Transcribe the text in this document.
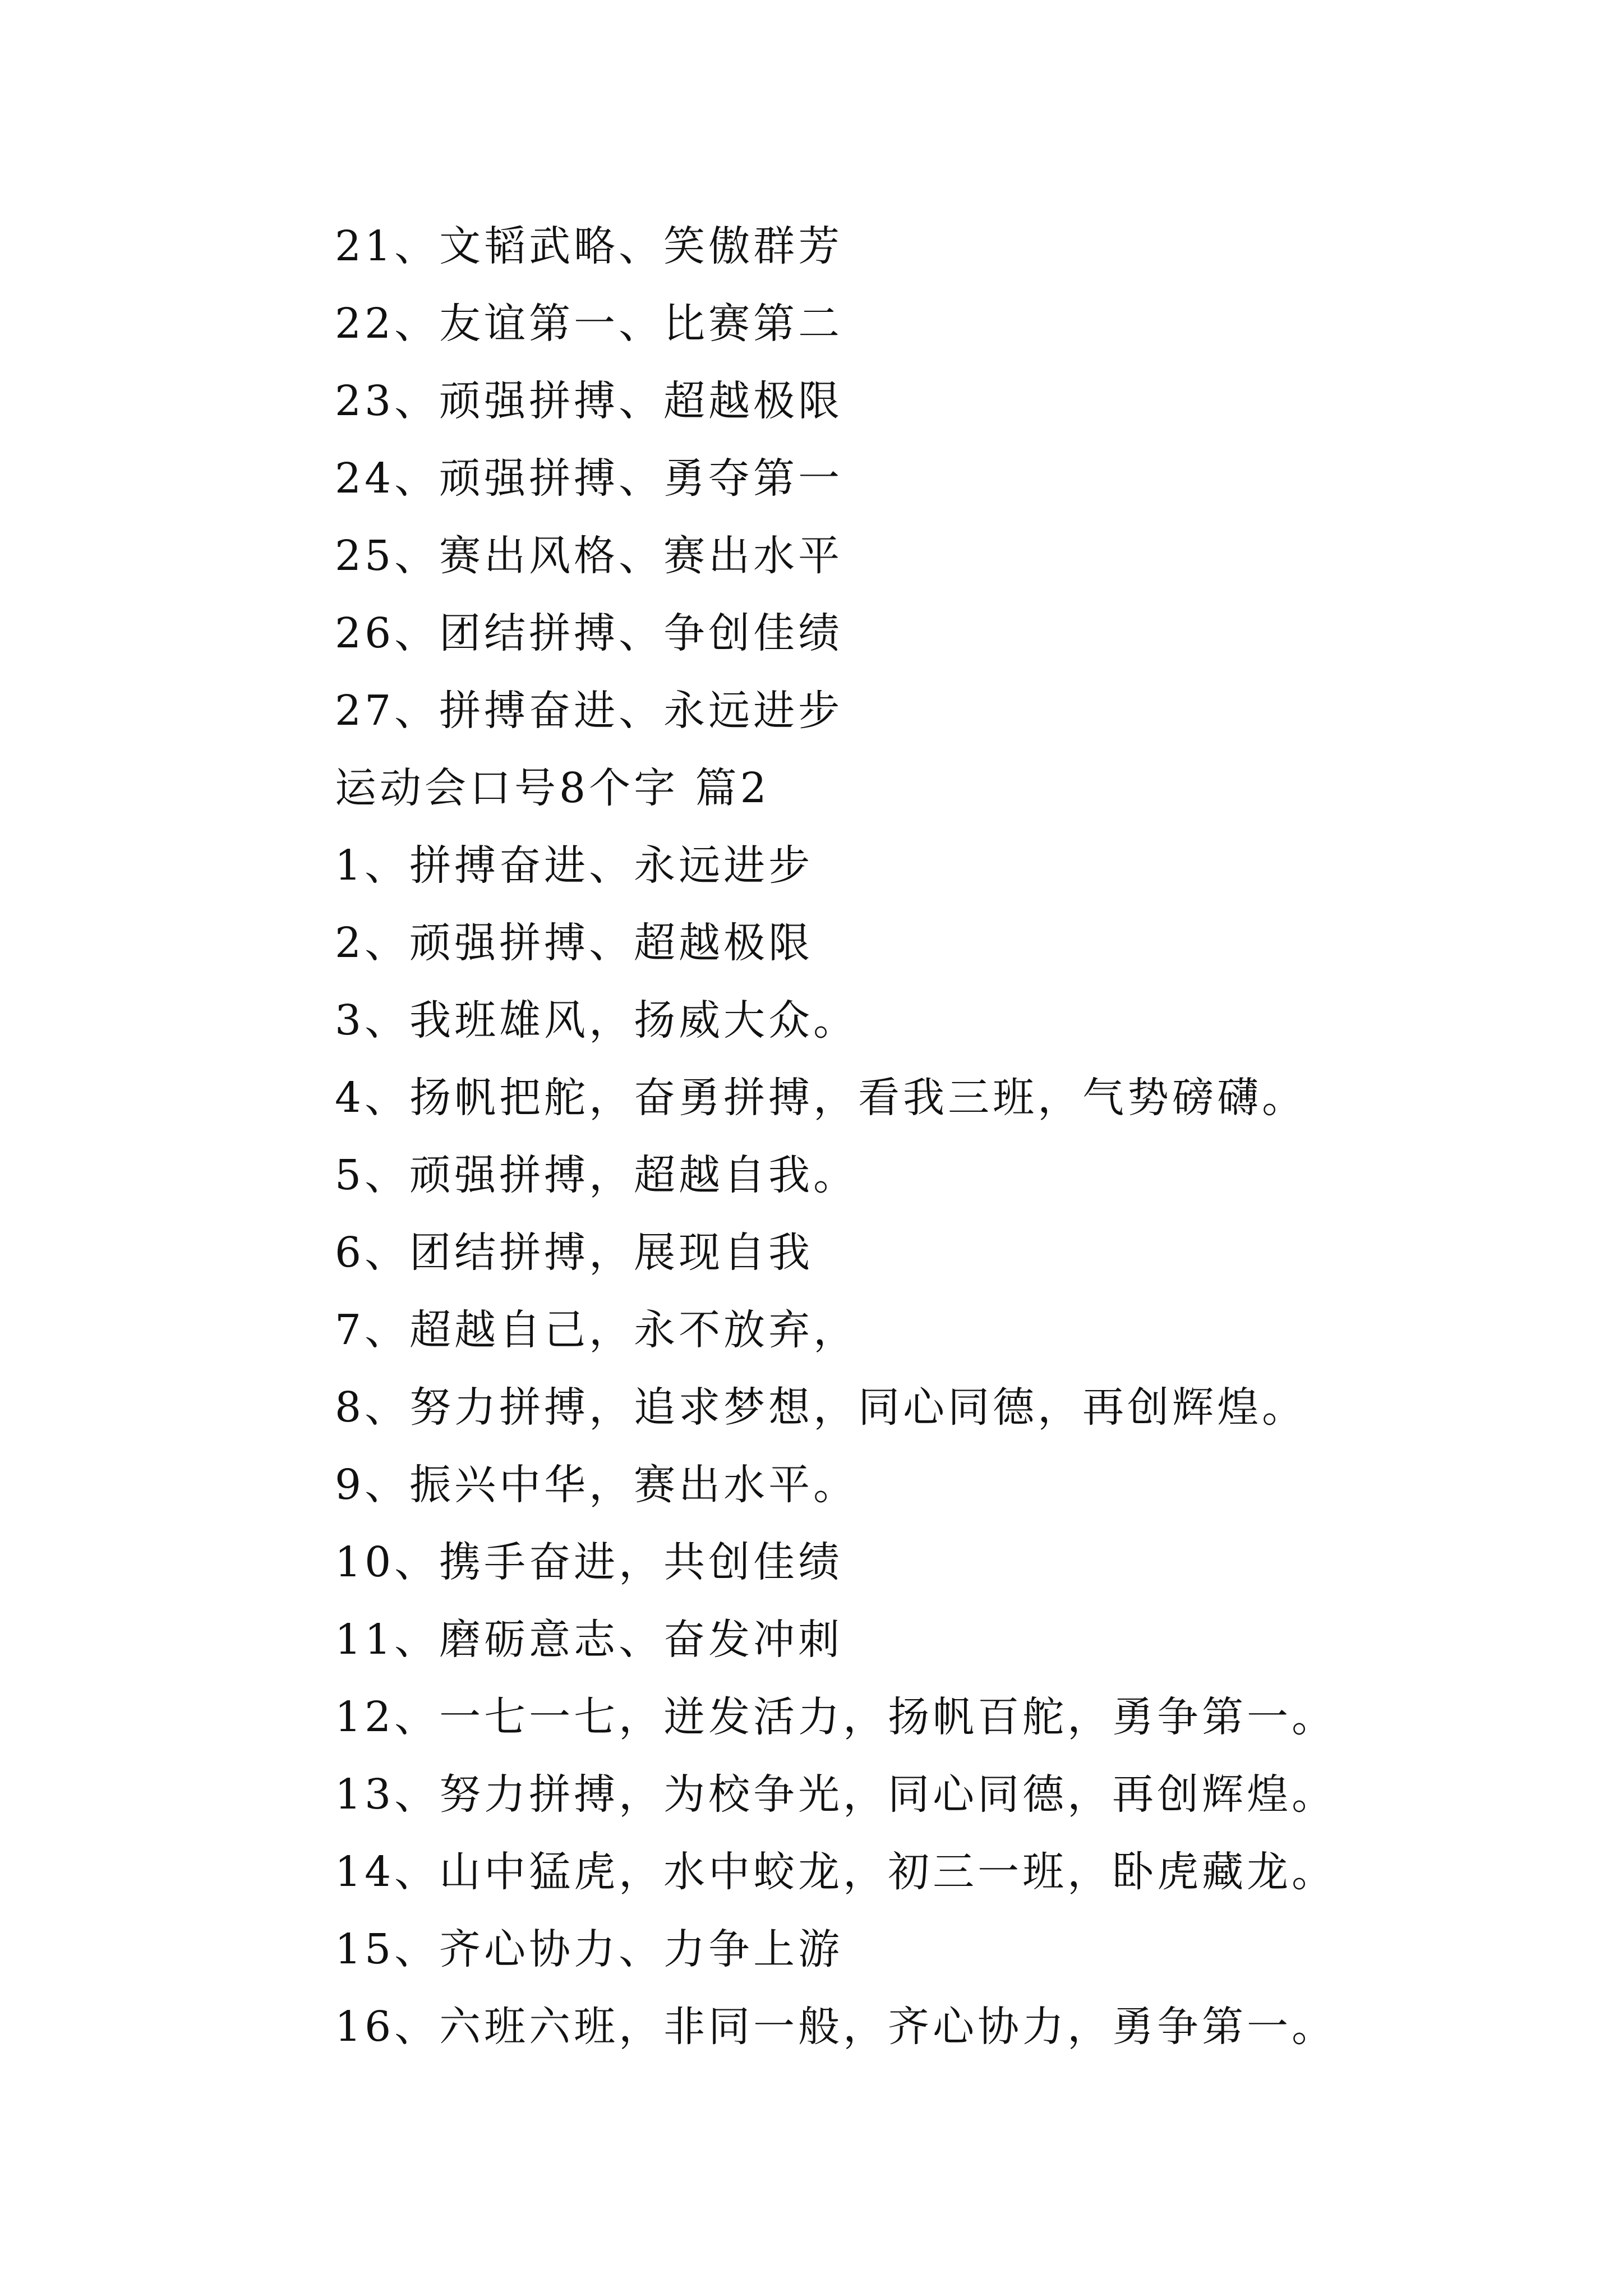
21、文韬武略、笑傲群芳
22、友谊第一、比赛第二
23、顽强拼搏、超越极限
24、顽强拼搏、勇夺第一
25、赛出风格、赛出水平
26、团结拼搏、争创佳绩
27、拼搏奋进、永远进步
运动会口号8个字 篇2
1、拼搏奋进、永远进步
2、顽强拼搏、超越极限
3、我班雄风，扬威大众。
4、扬帆把舵，奋勇拼搏，看我三班，气势磅礴。
5、顽强拼搏，超越自我。
6、团结拼搏，展现自我
7、超越自己，永不放弃，
8、努力拼搏，追求梦想，同心同德，再创辉煌。
9、振兴中华，赛出水平。
10、携手奋进，共创佳绩
11、磨砺意志、奋发冲刺
12、一七一七，迸发活力，扬帆百舵，勇争第一。
13、努力拼搏，为校争光，同心同德，再创辉煌。
14、山中猛虎，水中蛟龙，初三一班，卧虎藏龙。
15、齐心协力、力争上游
16、六班六班，非同一般，齐心协力，勇争第一。
